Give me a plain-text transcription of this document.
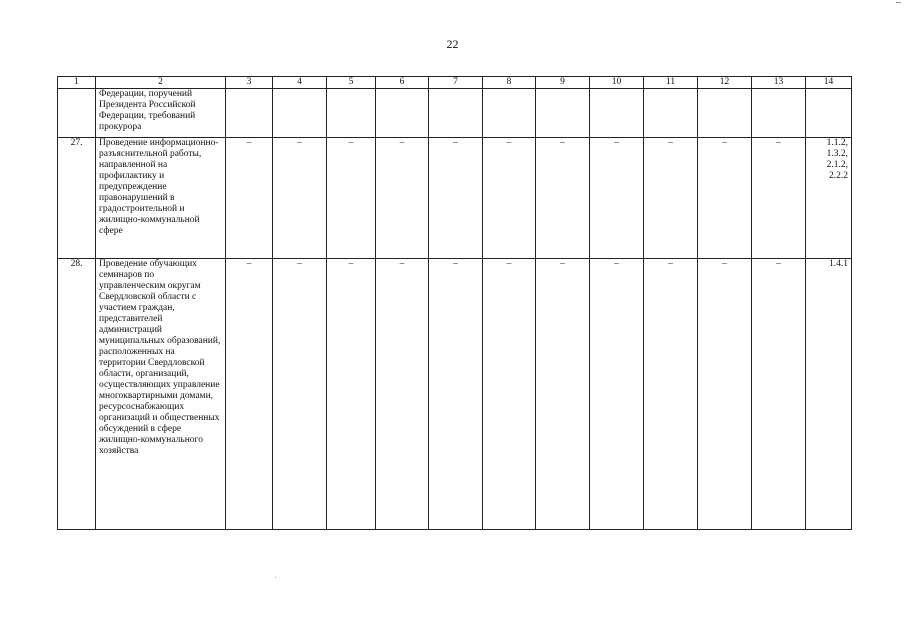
22
1	2	3	4	5	6	7	8	9	10	11	12	13	14
	Федерации, поручений Президента Российской Федерации, требований прокурора												
27.	Проведение информационно-разъяснительной работы, направленной на профилактику и предупреждение правонарушений в градостроительной и жилищно-коммунальной сфере	–	–	–	–	–	–	–	–	–	–	–	1.1.2, 1.3.2, 2.1.2, 2.2.2
28.	Проведение обучающих семинаров по управленческим округам Свердловской области с участием граждан, представителей администраций муниципальных образований, расположенных на территории Свердловской области, организаций, осуществляющих управление многоквартирными домами, ресурсоснабжающих организаций и общественных обсуждений в сфере жилищно-коммунального хозяйства	–	–	–	–	–	–	–	–	–	–	–	1.4.1
